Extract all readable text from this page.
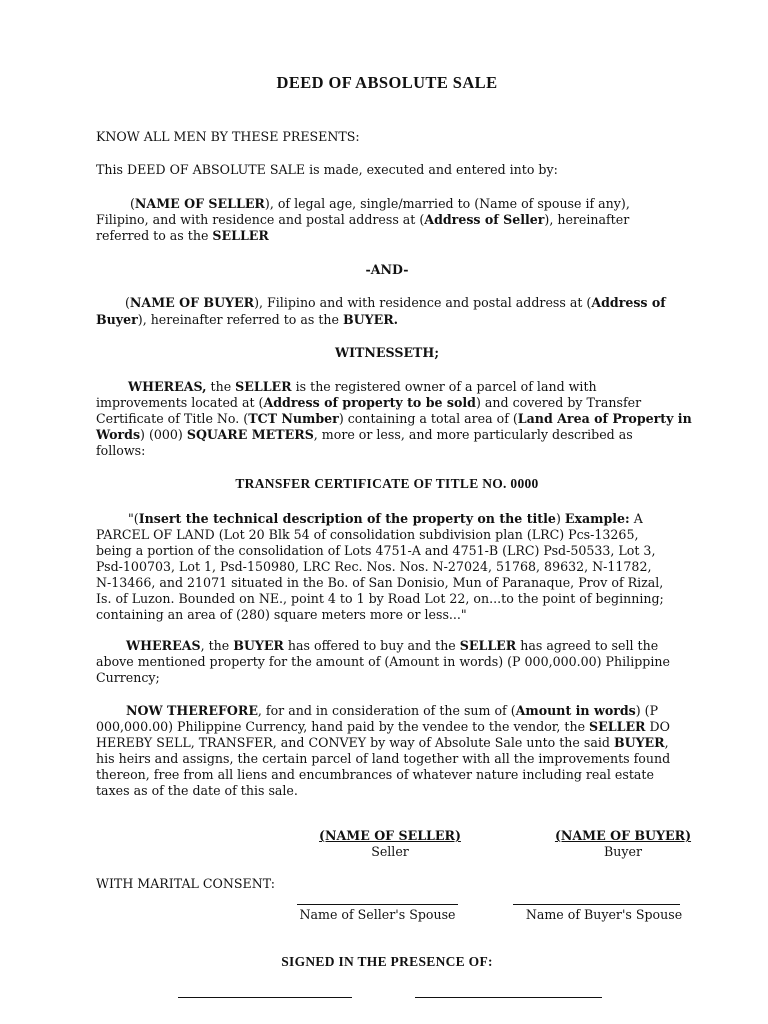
DEED OF ABSOLUTE SALE
KNOW ALL MEN BY THESE PRESENTS:
This DEED OF ABSOLUTE SALE is made, executed and entered into by:
(NAME OF SELLER), of legal age, single/married to (Name of spouse if any),
Filipino, and with residence and postal address at (Address of Seller), hereinafter
referred to as the SELLER
-AND-
(NAME OF BUYER), Filipino and with residence and postal address at (Address of
Buyer), hereinafter referred to as the BUYER.
WITNESSETH;
WHEREAS, the SELLER is the registered owner of a parcel of land with
improvements located at (Address of property to be sold) and covered by Transfer
Certificate of Title No. (TCT Number) containing a total area of (Land Area of Property in
Words) (000) SQUARE METERS, more or less, and more particularly described as
follows:
TRANSFER CERTIFICATE OF TITLE NO. 0000
"(Insert the technical description of the property on the title) Example: A
PARCEL OF LAND (Lot 20 Blk 54 of consolidation subdivision plan (LRC) Pcs-13265,
being a portion of the consolidation of Lots 4751-A and 4751-B (LRC) Psd-50533, Lot 3,
Psd-100703, Lot 1, Psd-150980, LRC Rec. Nos. Nos. N-27024, 51768, 89632, N-11782,
N-13466, and 21071 situated in the Bo. of San Donisio, Mun of Paranaque, Prov of Rizal,
Is. of Luzon. Bounded on NE., point 4 to 1 by Road Lot 22, on...to the point of beginning;
containing an area of (280) square meters more or less..."
WHEREAS, the BUYER has offered to buy and the SELLER has agreed to sell the
above mentioned property for the amount of (Amount in words) (P 000,000.00) Philippine
Currency;
NOW THEREFORE, for and in consideration of the sum of (Amount in words) (P
000,000.00) Philippine Currency, hand paid by the vendee to the vendor, the SELLER DO
HEREBY SELL, TRANSFER, and CONVEY by way of Absolute Sale unto the said BUYER,
his heirs and assigns, the certain parcel of land together with all the improvements found
thereon, free from all liens and encumbrances of whatever nature including real estate
taxes as of the date of this sale.
(NAME OF SELLER)
Seller
(NAME OF BUYER)
Buyer
WITH MARITAL CONSENT:
Name of Seller's Spouse	Name of Buyer's Spouse
SIGNED IN THE PRESENCE OF:
